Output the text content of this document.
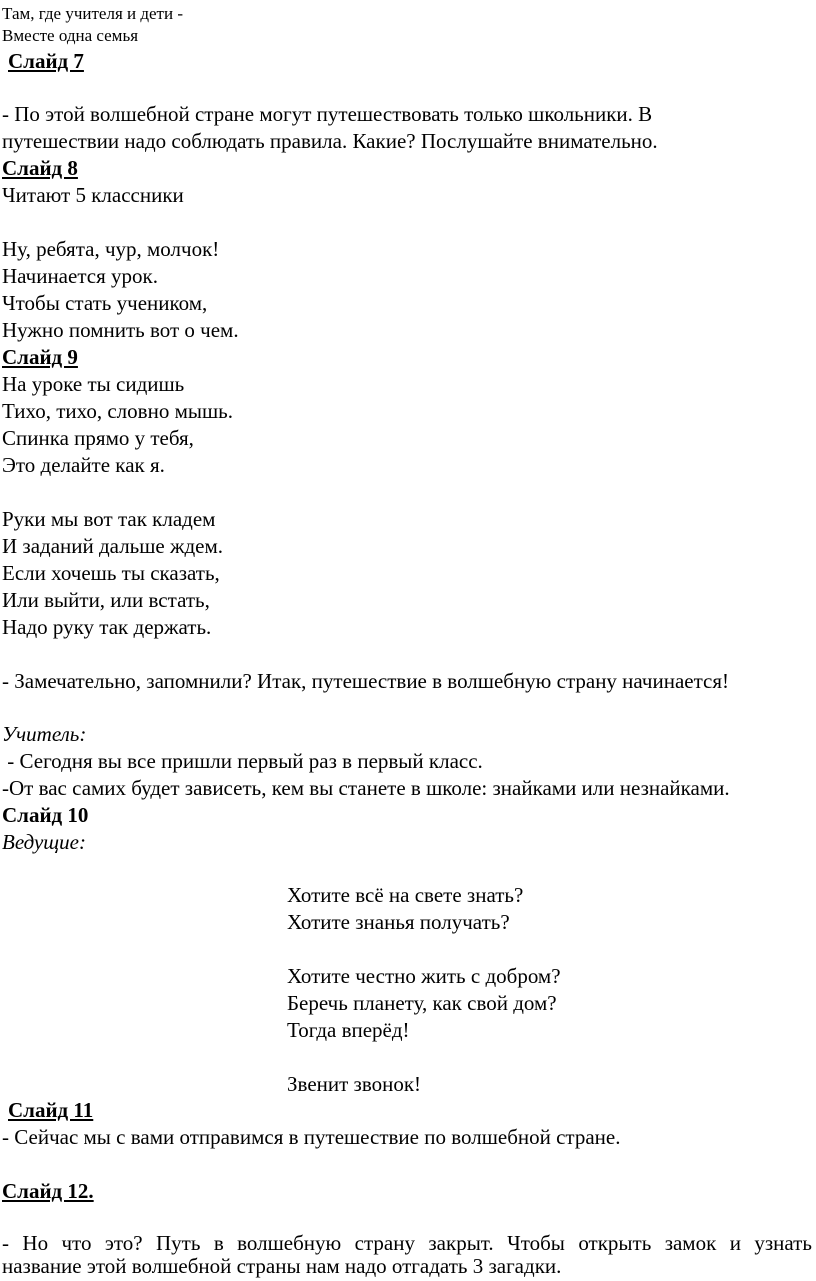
Там, где учителя и дети -
Вместе одна семья
Слайд 7
- По этой волшебной стране могут путешествовать только школьники. В
путешествии надо соблюдать правила. Какие? Послушайте внимательно.
Слайд 8
Читают 5 классники
Ну, ребята, чур, молчок!
Начинается урок.
Чтобы стать учеником,
Нужно помнить вот о чем.
Слайд 9
На уроке ты сидишь
Тихо, тихо, словно мышь.
Спинка прямо у тебя,
Это делайте как я.
Руки мы вот так кладем
И заданий дальше ждем.
Если хочешь ты сказать,
Или выйти, или встать,
Надо руку так держать.
- Замечательно, запомнили? Итак, путешествие в волшебную страну начинается!
Учитель:
- Сегодня вы все пришли первый раз в первый класс.
-От вас самих будет зависеть, кем вы станете в школе: знайками или незнайками.
Слайд 10
Ведущие:
Хотите всё на свете знать?
Хотите знанья получать?
Хотите честно жить с добром?
Беречь планету, как свой дом?
Тогда вперёд!
Звенит звонок!
Слайд 11
- Сейчас мы с вами отправимся в путешествие по волшебной стране.
Слайд 12.
- Но что это? Путь в волшебную страну закрыт. Чтобы открыть замок и узнать
название этой волшебной страны нам надо отгадать 3 загадки.
